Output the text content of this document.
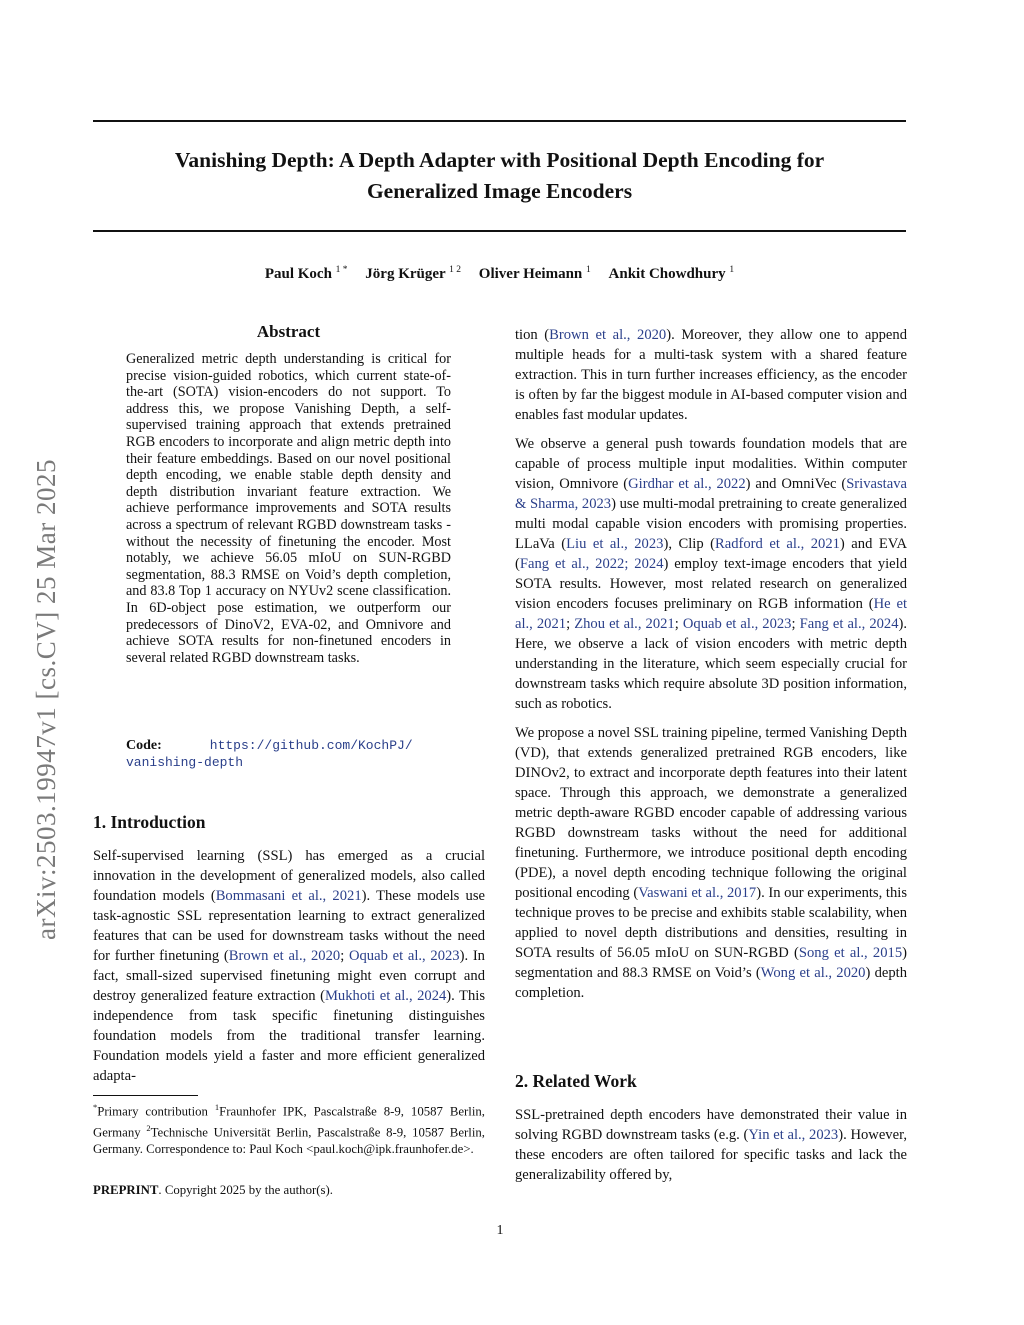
arXiv:2503.19947v1 [cs.CV] 25 Mar 2025
Vanishing Depth: A Depth Adapter with Positional Depth Encoding for
Generalized Image Encoders
Paul Koch $^{1 *}$ Jörg Krüger $^{1 2}$ Oliver Heimann $^1$ Ankit Chowdhury $^1$
Abstract
Generalized metric depth understanding is critical for precise vision-guided robotics, which current state-of-the-art (SOTA) vision-encoders do not support. To address this, we propose Vanishing Depth, a self-supervised training approach that extends pretrained RGB encoders to incorporate and align metric depth into their feature embeddings. Based on our novel positional depth encoding, we enable stable depth density and depth distribution invariant feature extraction. We achieve performance improvements and SOTA results across a spectrum of relevant RGBD downstream tasks - without the necessity of finetuning the encoder. Most notably, we achieve 56.05 mIoU on SUN-RGBD segmentation, 88.3 RMSE on Void’s depth completion, and 83.8 Top 1 accuracy on NYUv2 scene classification. In 6D-object pose estimation, we outperform our predecessors of DinoV2, EVA-02, and Omnivore and achieve SOTA results for non-finetuned encoders in several related RGBD downstream tasks.
Code:	https://github.com/KochPJ/
vanishing-depth
1. Introduction
Self-supervised learning (SSL) has emerged as a crucial innovation in the development of generalized models, also called foundation models (Bommasani et al., 2021). These models use task-agnostic SSL representation learning to extract generalized features that can be used for downstream tasks without the need for further finetuning (Brown et al., 2020; Oquab et al., 2023). In fact, small-sized supervised finetuning might even corrupt and destroy generalized feature extraction (Mukhoti et al., 2024). This independence from task specific finetuning distinguishes foundation models from the traditional transfer learning. Foundation models yield a faster and more efficient generalized adapta-

tion (Brown et al., 2020). Moreover, they allow one to append multiple heads for a multi-task system with a shared feature extraction. This in turn further increases efficiency, as the encoder is often by far the biggest module in AI-based computer vision and enables fast modular updates.

We observe a general push towards foundation models that are capable of process multiple input modalities. Within computer vision, Omnivore (Girdhar et al., 2022) and OmniVec (Srivastava & Sharma, 2023) use multi-modal pretraining to create generalized multi modal capable vision encoders with promising properties. LLaVa (Liu et al., 2023), Clip (Radford et al., 2021) and EVA (Fang et al., 2022; 2024) employ text-image encoders that yield SOTA results. However, most related research on generalized vision encoders focuses preliminary on RGB information (He et al., 2021; Zhou et al., 2021; Oquab et al., 2023; Fang et al., 2024). Here, we observe a lack of vision encoders with metric depth understanding in the literature, which seem especially crucial for downstream tasks which require absolute 3D position information, such as robotics.

We propose a novel SSL training pipeline, termed Vanishing Depth (VD), that extends generalized pretrained RGB encoders, like DINOv2, to extract and incorporate depth features into their latent space. Through this approach, we demonstrate a generalized metric depth-aware RGBD encoder capable of addressing various RGBD downstream tasks without the need for additional finetuning. Furthermore, we introduce positional depth encoding (PDE), a novel depth encoding technique following the original positional encoding (Vaswani et al., 2017). In our experiments, this technique proves to be precise and exhibits stable scalability, when applied to novel depth distributions and densities, resulting in SOTA results of 56.05 mIoU on SUN-RGBD (Song et al., 2015) segmentation and 88.3 RMSE on Void’s (Wong et al., 2020) depth completion.

2. Related Work
SSL-pretrained depth encoders have demonstrated their value in solving RGBD downstream tasks (e.g. (Yin et al., 2023). However, these encoders are often tailored for specific tasks and lack the generalizability offered by,
*Primary contribution $^1$Fraunhofer IPK, Pascalstraße 8-9, 10587 Berlin, Germany $^2$Technische Universität Berlin, Pascalstraße 8-9, 10587 Berlin, Germany. Correspondence to: Paul Koch <paul.koch@ipk.fraunhofer.de>.
PREPRINT. Copyright 2025 by the author(s).
1
